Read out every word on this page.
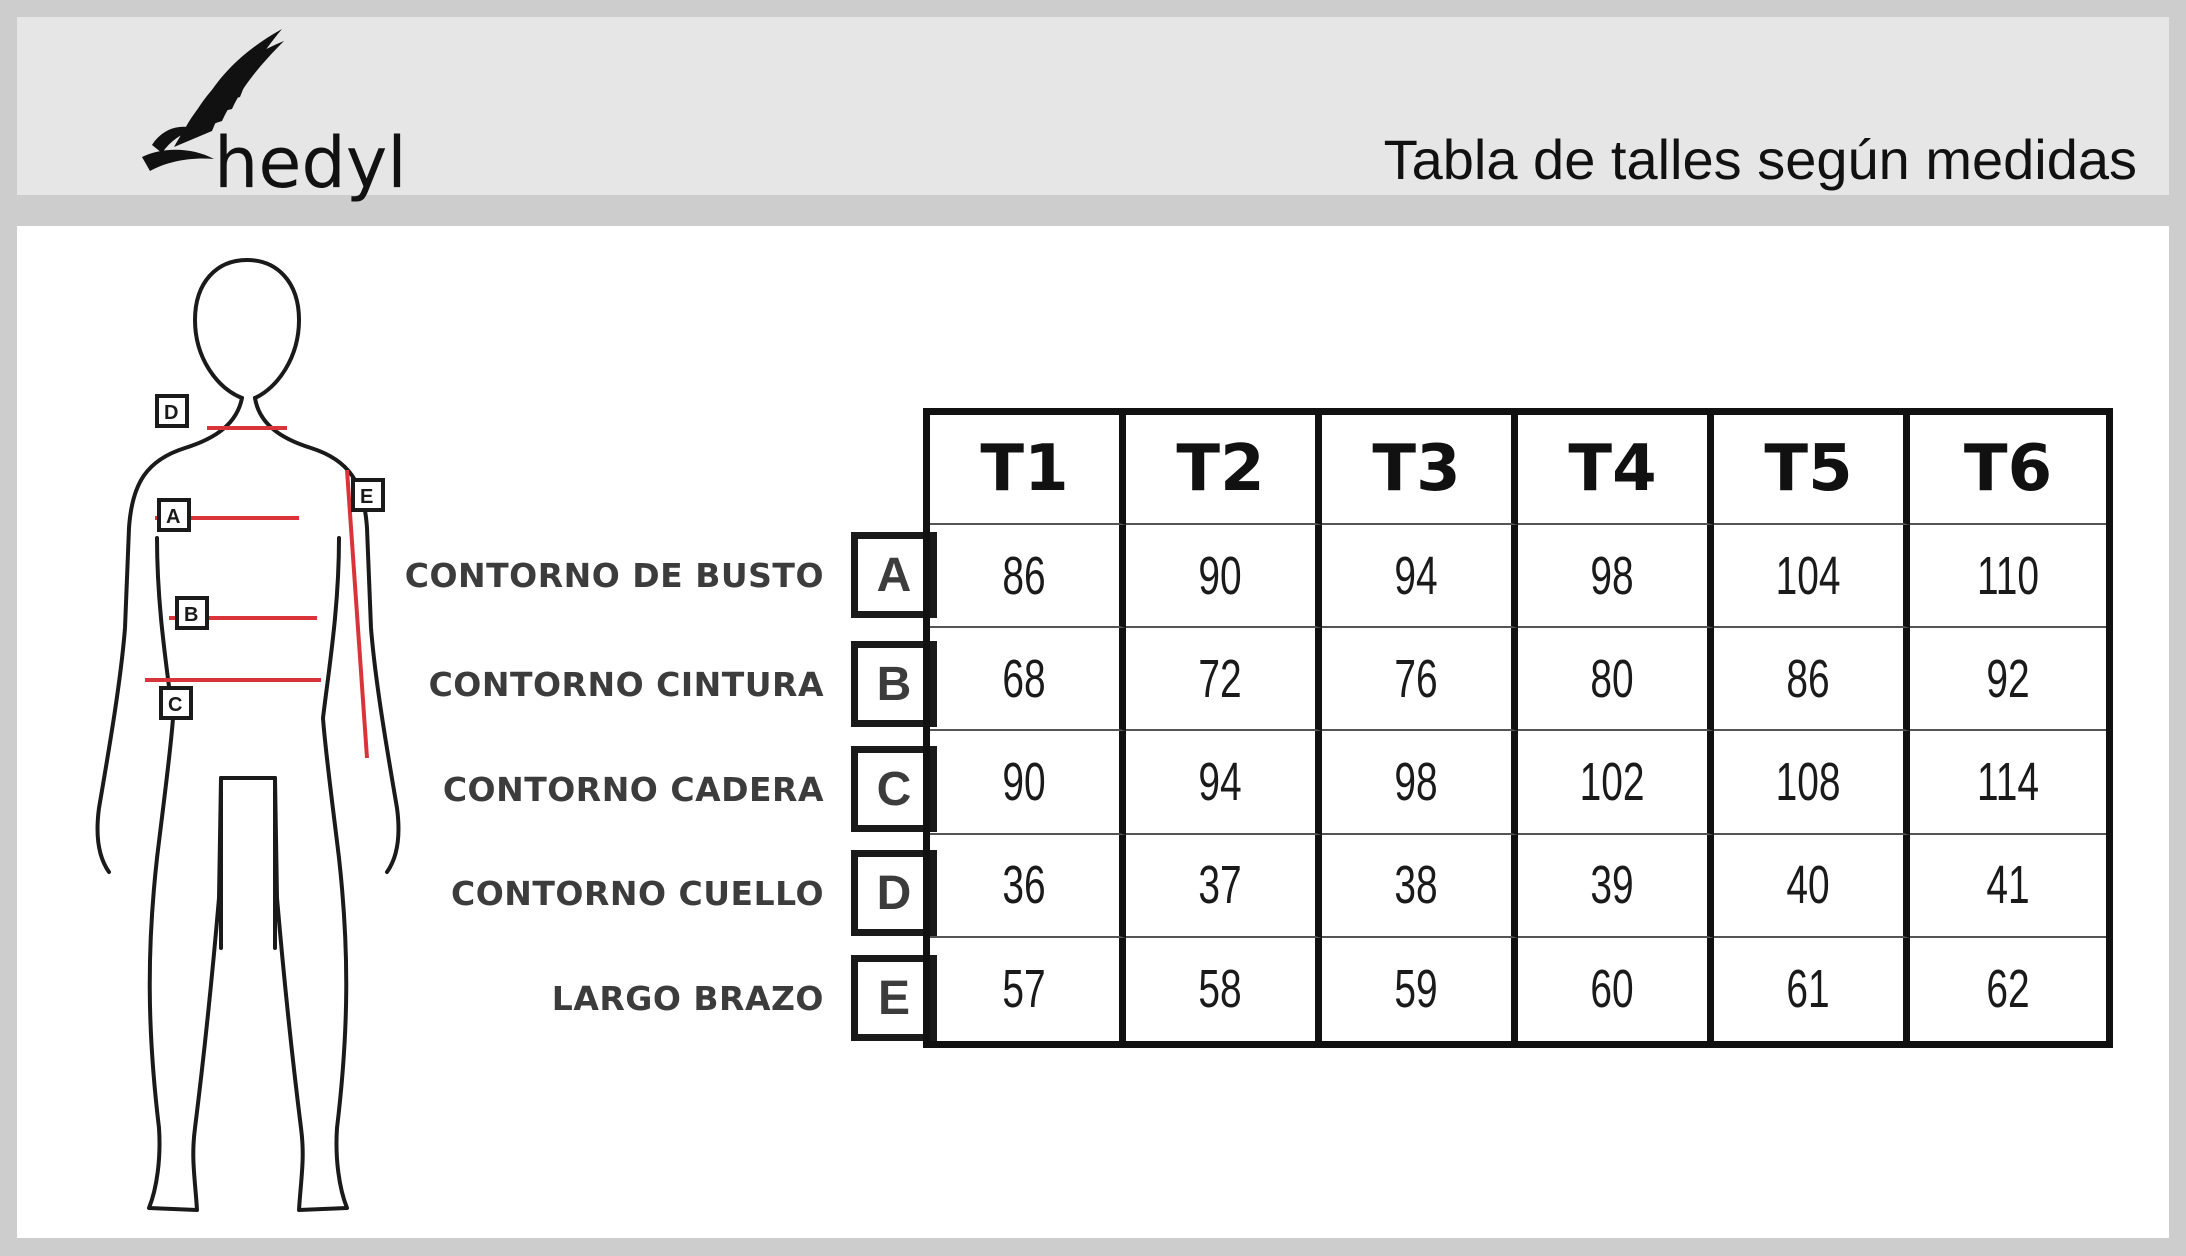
hedyl	Tabla de talles según medidas
D
A
B
C
E
CONTORNO DE BUSTO	A
CONTORNO CINTURA	B
CONTORNO CADERA	C
CONTORNO CUELLO	D
LARGO BRAZO	E
T1 T2 T3 T4 T5 T6
86	90	94	98	104	110
68	72	76	80	86	92
90	94	98	102 108	114
36	37	38	39	40	41
57	58	59	60	61	62
